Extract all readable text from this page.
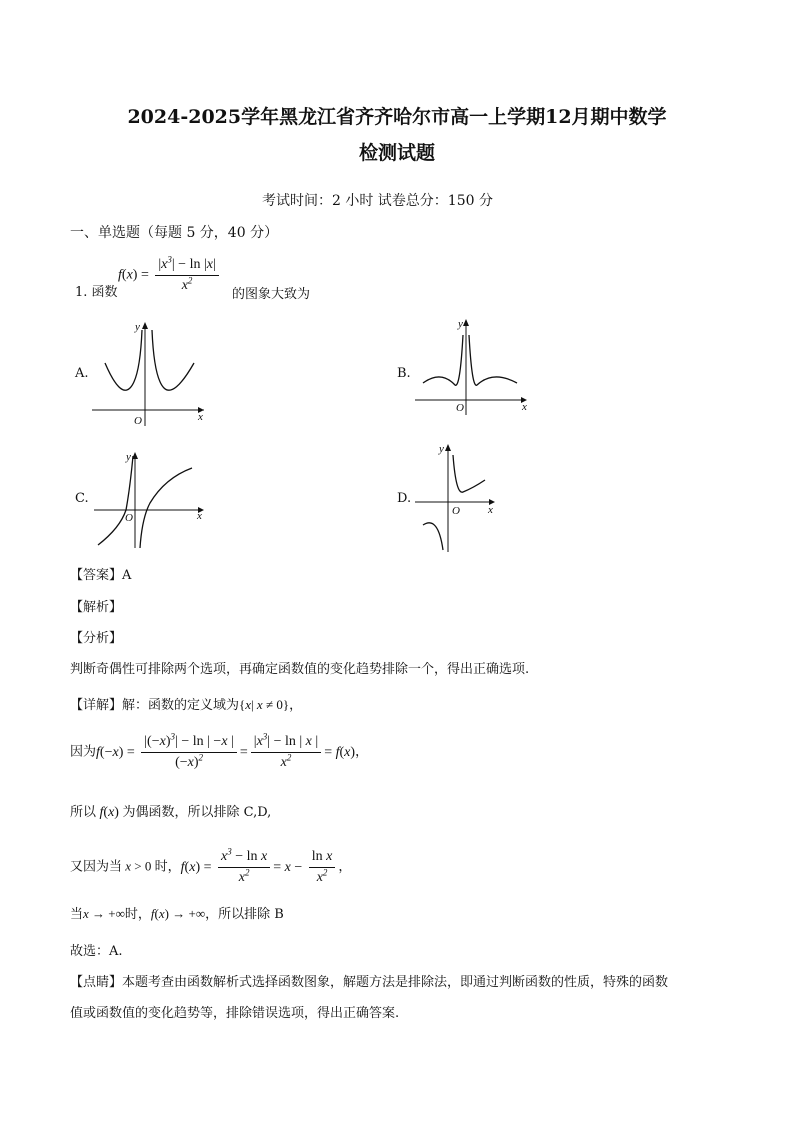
2024-2025学年黑龙江省齐齐哈尔市高一上学期12月期中数学
检测试题
考试时间：2 小时 试卷总分：150 分
一、单选题（每题 5 分，40 分）
1. 函数
$f(x) = \frac{|x^3| - \ln |x|}{x^2}$ 的图象大致为
A.
O	x
y
B.
O	x
y
C.
O	x
y
D.
O	x
y
【答案】A
【解析】
【分析】
判断奇偶性可排除两个选项，再确定函数值的变化趋势排除一个，得出正确选项.
【详解】解：函数的定义域为{x| x ≠ 0}，
因为$f(-x) = \frac{|(-x)^3| - \ln | -x |}{(-x)^2} = \frac{|x^3| - \ln | x |}{x^2} = f(x)$，
所以 f(x) 为偶函数，所以排除 C,D,
又因为当 x > 0 时，$f(x) = \frac{x^3 - \ln x}{x^2} = x - \frac{\text{ln x}}{x^2}$ ，
当x → +∞时，f(x) → +∞，所以排除 B
故选：A.
【点睛】本题考查由函数解析式选择函数图象，解题方法是排除法，即通过判断函数的性质，特殊的函数
值或函数值的变化趋势等，排除错误选项，得出正确答案.
